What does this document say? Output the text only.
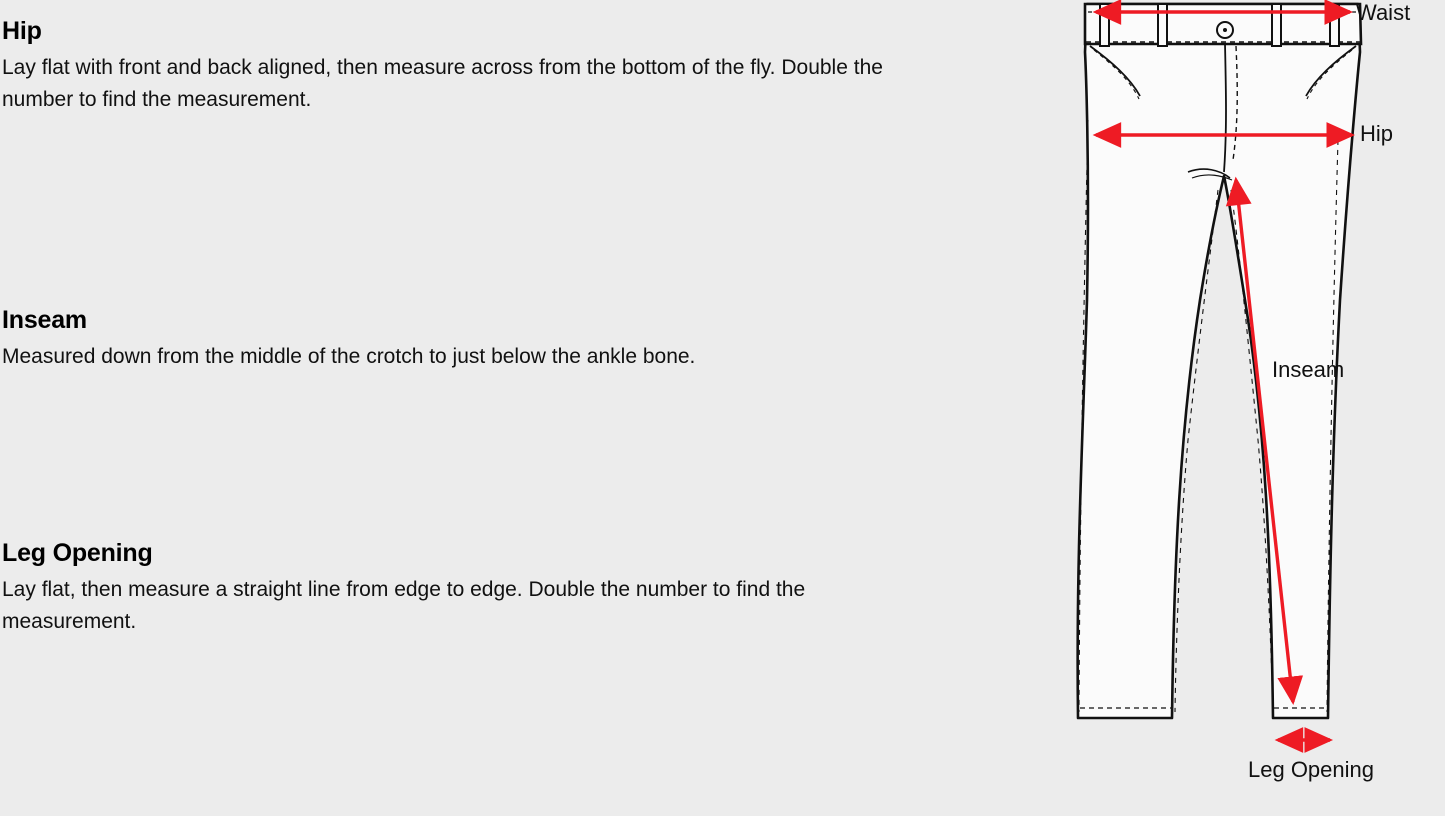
Hip

Lay flat with front and back aligned, then measure across from the bottom of the fly. Double the number to find the measurement.

Inseam

Measured down from the middle of the crotch to just below the ankle bone.

Leg Opening

Lay flat, then measure a straight line from edge to edge. Double the number to find the measurement.

Waist
Hip
Inseam
Leg Opening
